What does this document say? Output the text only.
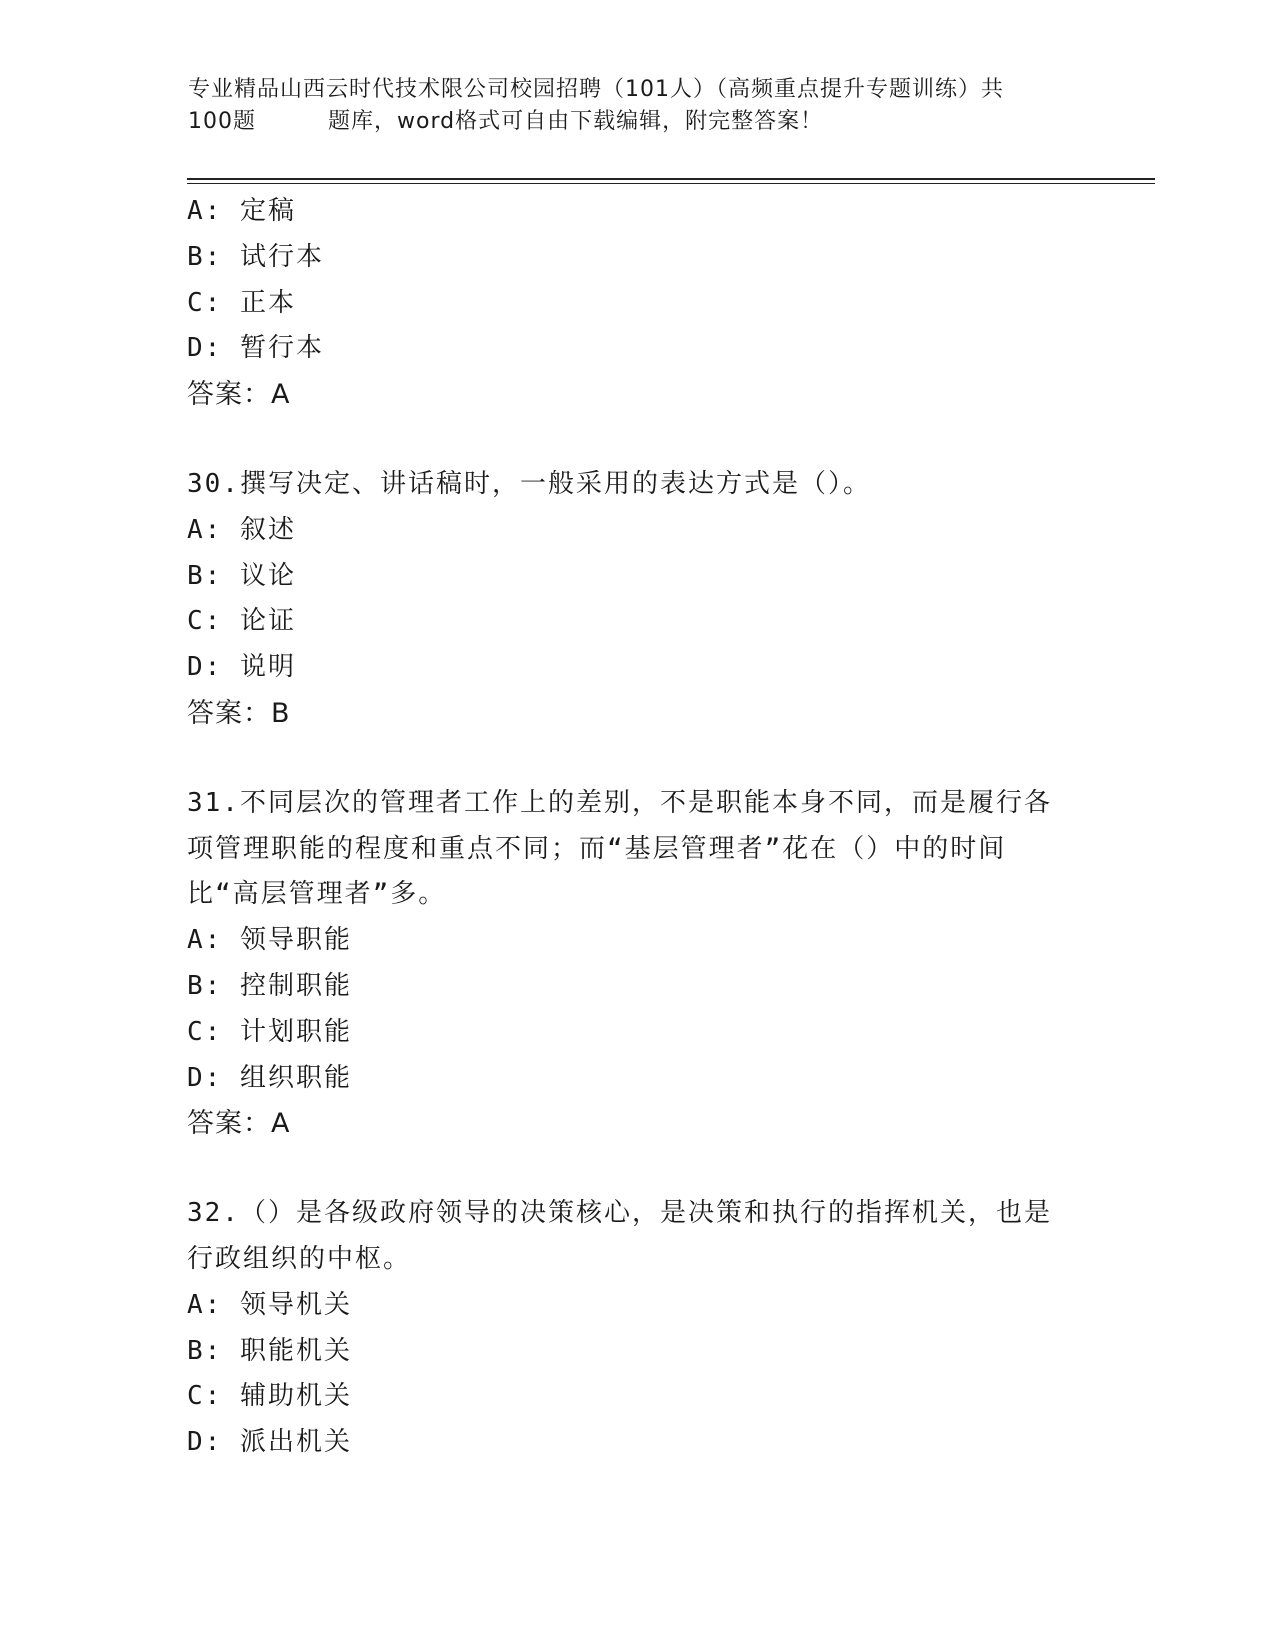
专业精品山西云时代技术限公司校园招聘（101人）（高频重点提升专题训练）共
100题	题库，word格式可自由下载编辑，附完整答案！
A: 定稿
B: 试行本
C: 正本
D: 暂行本
答案：A
30.撰写决定、讲话稿时，一般采用的表达方式是（）。
A: 叙述
B: 议论
C: 论证
D: 说明
答案：B
31.不同层次的管理者工作上的差别，不是职能本身不同，而是履行各
项管理职能的程度和重点不同；而“基层管理者”花在（）中的时间
比“高层管理者”多。
A: 领导职能
B: 控制职能
C: 计划职能
D: 组织职能
答案：A
32.（）是各级政府领导的决策核心，是决策和执行的指挥机关，也是
行政组织的中枢。
A: 领导机关
B: 职能机关
C: 辅助机关
D: 派出机关
